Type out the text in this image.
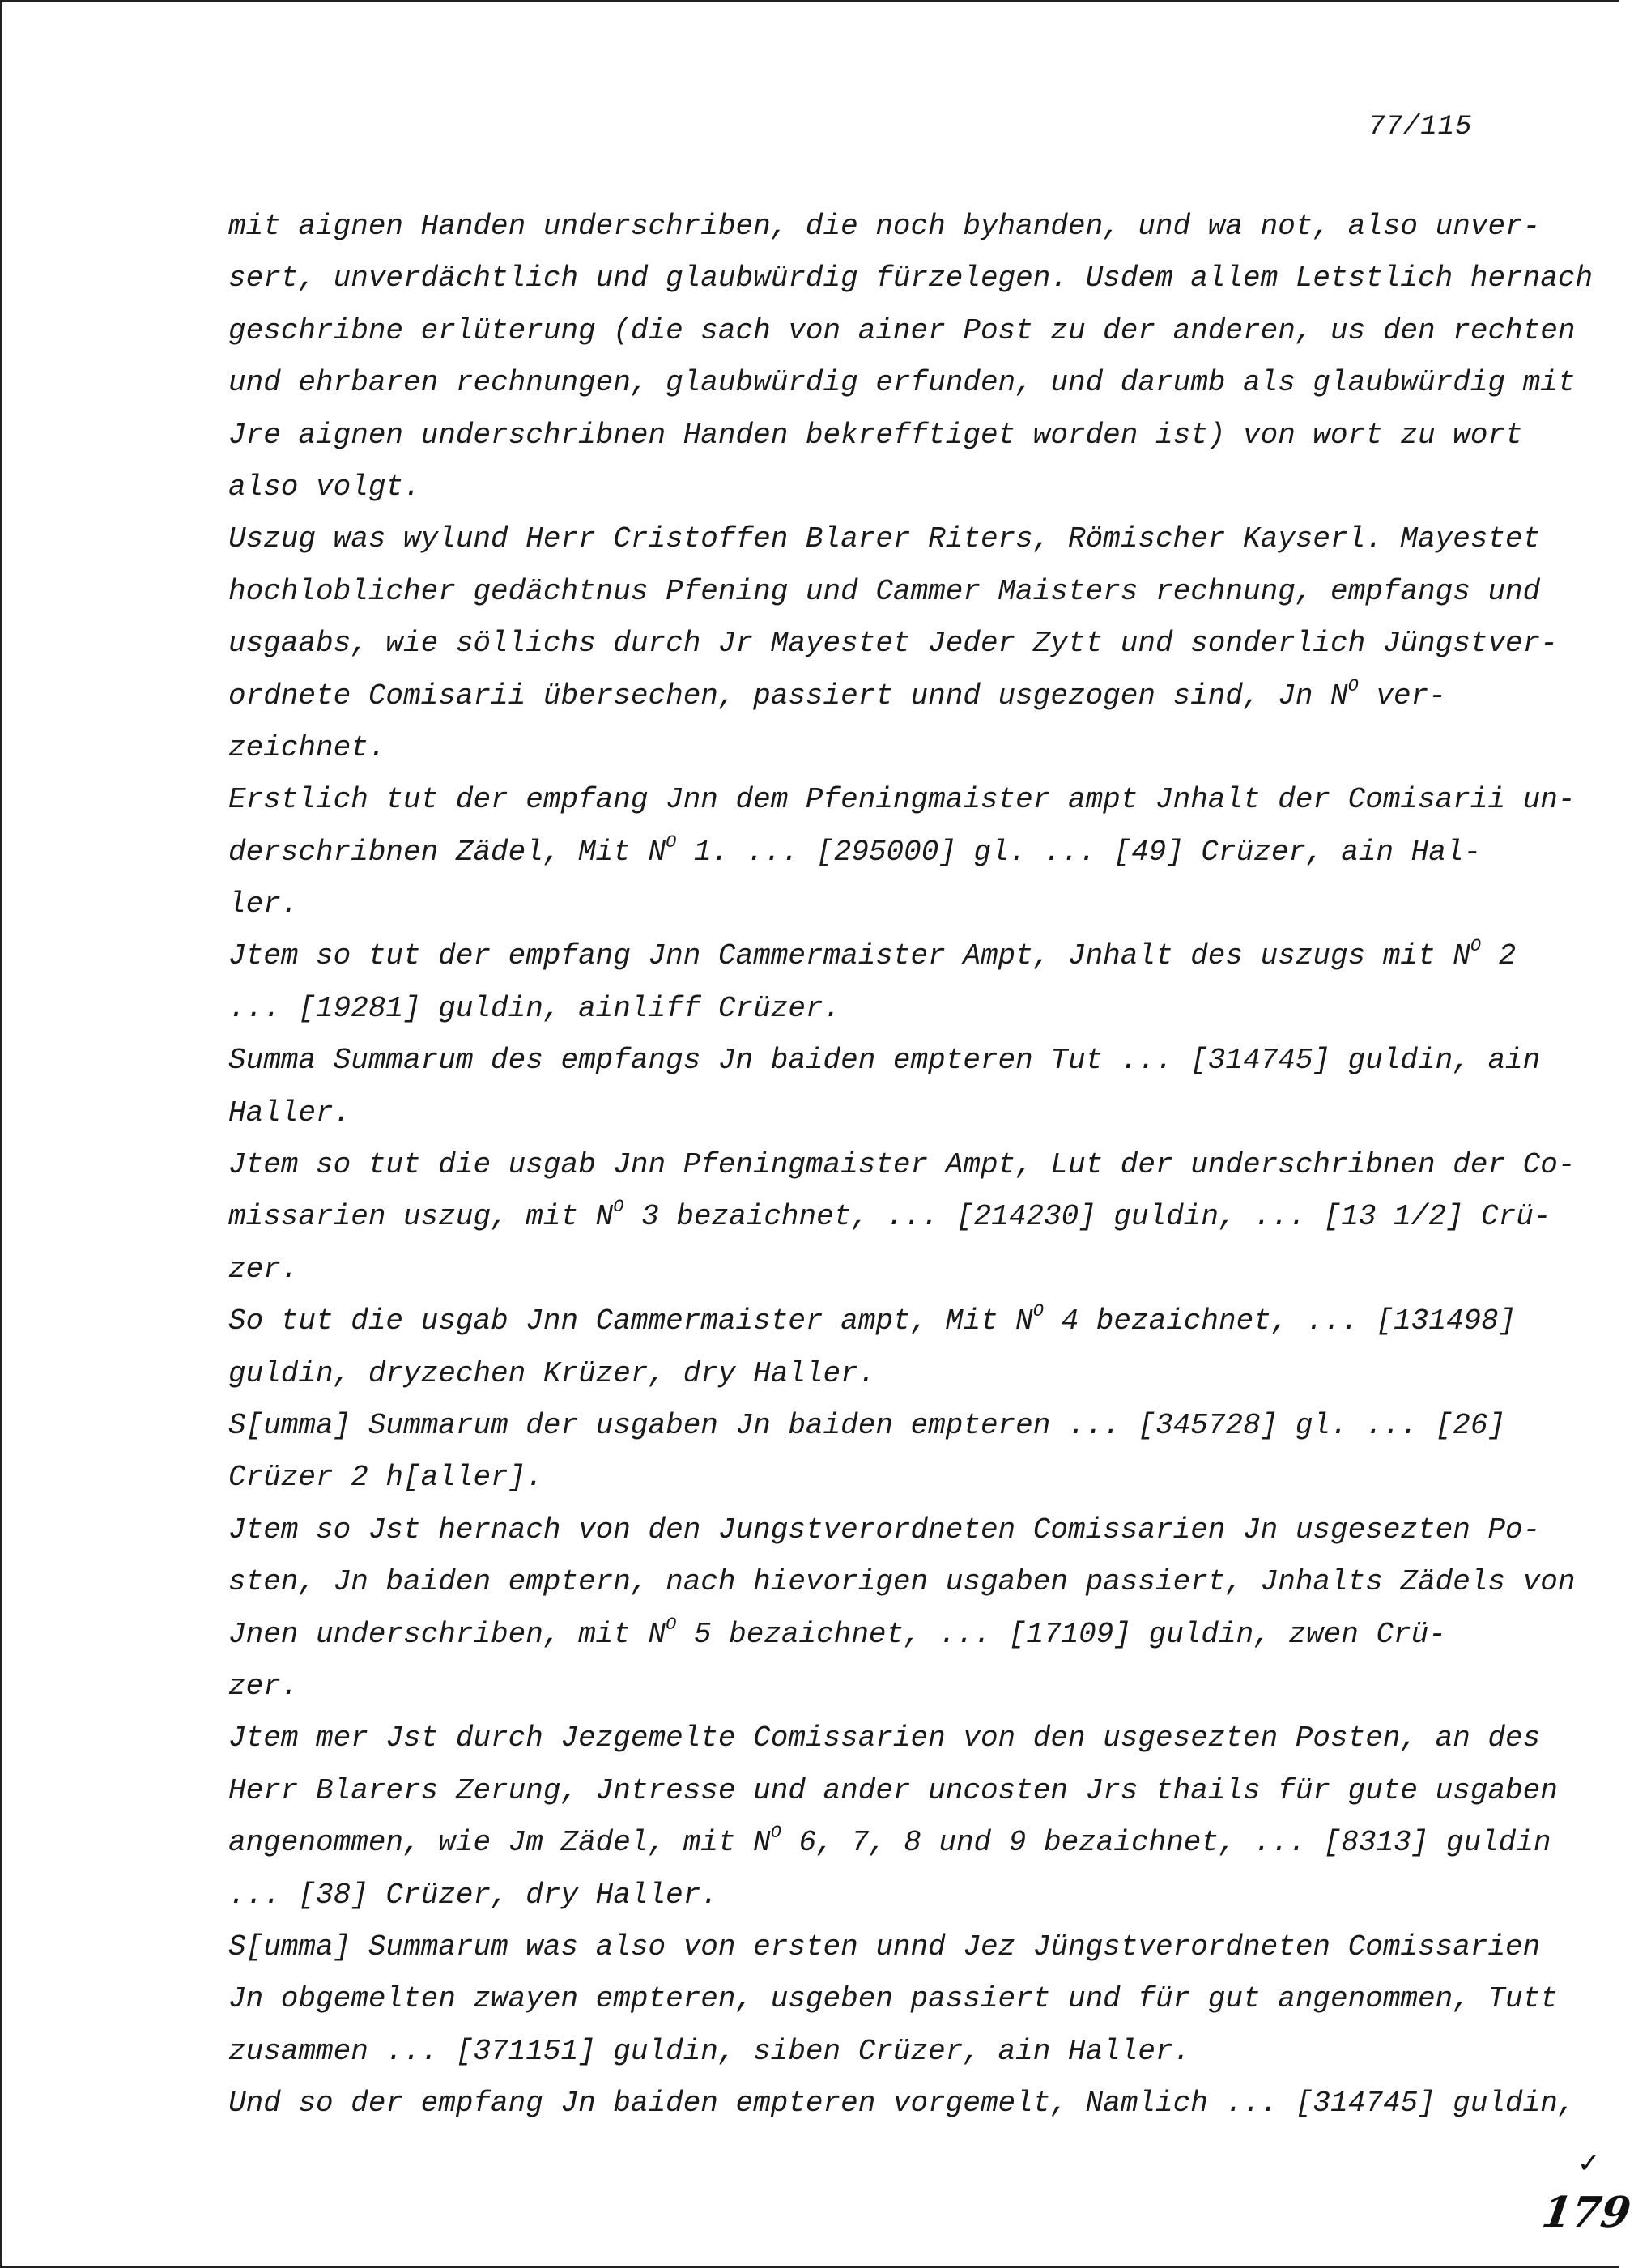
77/115
mit aignen Handen underschriben, die noch byhanden, und wa not, also unver-
sert, unverdächtlich und glaubwürdig fürzelegen. Usdem allem Letstlich hernach
geschribne erlüterung (die sach von ainer Post zu der anderen, us den rechten
und ehrbaren rechnungen, glaubwürdig erfunden, und darumb als glaubwürdig mit
Jre aignen underschribnen Handen bekrefftiget worden ist) von wort zu wort
also volgt.
Uszug was wylund Herr Cristoffen Blarer Riters, Römischer Kayserl. Mayestet
hochloblicher gedächtnus Pfening und Cammer Maisters rechnung, empfangs und
usgaabs, wie söllichs durch Jr Mayestet Jeder Zytt und sonderlich Jüngstver-
ordnete Comisarii übersechen, passiert unnd usgezogen sind, Jn $N^O$ ver-
zeichnet.
Erstlich tut der empfang Jnn dem Pfeningmaister ampt Jnhalt der Comisarii un-
derschribnen Zädel, Mit $N^O$ 1. ... [295000] gl. ... [49] Crüzer, ain Hal-
ler.
Jtem so tut der empfang Jnn Cammermaister Ampt, Jnhalt des uszugs mit $N^O$ 2
... [19281] guldin, ainliff Crüzer.
Summa Summarum des empfangs Jn baiden empteren Tut ... [314745] guldin, ain
Haller.
Jtem so tut die usgab Jnn Pfeningmaister Ampt, Lut der underschribnen der Co-
missarien uszug, mit $N^O$ 3 bezaichnet, ... [214230] guldin, ... [13 1/2] Crü-
zer.
So tut die usgab Jnn Cammermaister ampt, Mit $N^O$ 4 bezaichnet, ... [131498]
guldin, dryzechen Krüzer, dry Haller.
S[umma] Summarum der usgaben Jn baiden empteren ... [345728] gl. ... [26]
Crüzer 2 h[aller].
Jtem so Jst hernach von den Jungstverordneten Comissarien Jn usgesezten Po-
sten, Jn baiden emptern, nach hievorigen usgaben passiert, Jnhalts Zädels von
Jnen underschriben, mit $N^O$ 5 bezaichnet, ... [17109] guldin, zwen Crü-
zer.
Jtem mer Jst durch Jezgemelte Comissarien von den usgesezten Posten, an des
Herr Blarers Zerung, Jntresse und ander uncosten Jrs thails für gute usgaben
angenommen, wie Jm Zädel, mit $N^O$ 6, 7, 8 und 9 bezaichnet, ... [8313] guldin
... [38] Crüzer, dry Haller.
S[umma] Summarum was also von ersten unnd Jez Jüngstverordneten Comissarien
Jn obgemelten zwayen empteren, usgeben passiert und für gut angenommen, Tutt
zusammen ... [371151] guldin, siben Crüzer, ain Haller.
Und so der empfang Jn baiden empteren vorgemelt, Namlich ... [314745] guldin,
✓
179
